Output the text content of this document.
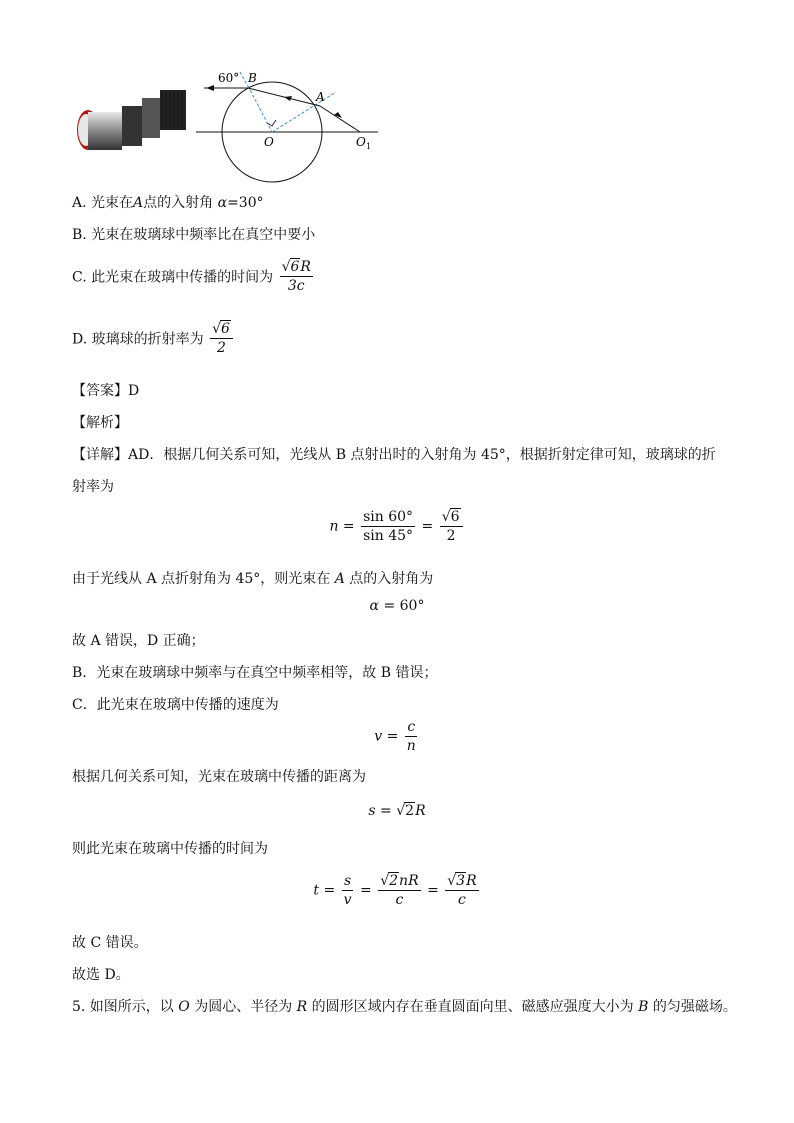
60° B
A
O	O 1
A. 光束在A点的入射角 α=30°
B. 光束在玻璃球中频率比在真空中要小
C. 此光束在玻璃中传播的时间为 $\frac{√6R}{3c}$
D. 玻璃球的折射率为 $\frac{√6}{2}$
【答案】D
【解析】
【详解】AD．根据几何关系可知，光线从 B 点射出时的入射角为 45°，根据折射定律可知，玻璃球的折
射率为
$n = \frac{\sin 60^\circ}{\sin 45^\circ} = \frac{√6}{2}$
由于光线从 A 点折射角为 45°，则光束在 A 点的入射角为
α = 60°
故 A 错误，D 正确；
B．光束在玻璃球中频率与在真空中频率相等，故 B 错误；
C．此光束在玻璃中传播的速度为
$v = \frac{c}{n}$
根据几何关系可知，光束在玻璃中传播的距离为
s = √2R
则此光束在玻璃中传播的时间为
$t = \frac{s}{v} = \frac{√2nR}{c} = \frac{√3R}{c}$
故 C 错误。
故选 D。
5. 如图所示，以 O 为圆心、半径为 R 的圆形区域内存在垂直圆面向里、磁感应强度大小为 B 的匀强磁场。
